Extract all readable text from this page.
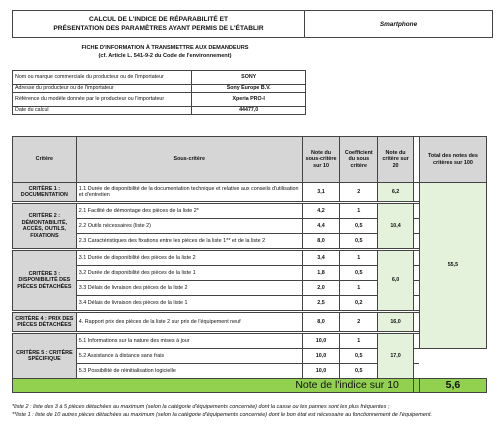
CALCUL DE L'INDICE DE RÉPARABILITÉ ET
PRÉSENTATION DES PARAMÈTRES AYANT PERMIS DE L'ÉTABLIR
Smartphone
FICHE D'INFORMATION À TRANSMETTRE AUX DEMANDEURS
(cf. Article L. 541-9-2 du Code de l'environnement)
Nom ou marque commerciale du producteur ou de l'importateur	SONY
Adresse du producteur ou de l'importateur	Sony Europe B.V.
Référence du modèle donnée par le producteur ou l'importateur	Xperia PRO-I
Date du calcul	44477,0
Critère	Sous-critère	Note du sous-critère sur 10	Coefficient du sous critère	Note du critère sur 20		Total des notes des critères sur 100	
CRITÈRE 1 : DOCUMENTATION	1.1 Durée de disponibilité de la documentation technique et relative aux conseils d'utilisation et d'entretien	3,1	2	6,2		55,5	

CRITÈRE 2 : DÉMONTABILITÉ, ACCÈS, OUTILS, FIXATIONS	2.1 Facilité de démontage des pièces de la liste 2*	4,2	1	10,4			
	2.2 Outils nécessaires (liste 2)	4,4	0,5				
	2.3 Caractéristiques des fixations entre les pièces de la liste 1** et de la liste 2	8,0	0,5				

CRITÈRE 3 : DISPONIBILITÉ DES PIÈCES DÉTACHÉES	3.1 Durée de disponibilité des pièces de la liste 2	3,4	1	6,0			
	3.2 Durée de disponibilité des pièces de la liste 1	1,8	0,5				
	3.3 Délais de livraison des pièces de la liste 2	2,0	1				
	3.4 Délais de livraison des pièces de la liste 1	2,5	0,2				

CRITÈRE 4 : PRIX DES PIÈCES DÉTACHÉES	4. Rapport prix des pièces de la liste 2 sur prix de l'équipement neuf	8,0	2	16,0			

CRITÈRE 5 : CRITÈRE SPÉCIFIQUE	5.1 Informations sur la nature des mises à jour	10,0	1	17,0			
	5.2 Assistance à distance sans frais	10,0	0,5				
	5.3 Possibilité de réinitialisation logicielle	10,0	0,5				
Note de l'indice sur 10						5,6	
*liste 2 : liste des 3 à 5 pièces détachées au maximum (selon la catégorie d'équipements concernée) dont la casse ou les pannes sont les plus fréquentes ;
**liste 1 : liste de 10 autres pièces détachées au maximum (selon la catégorie d'équipements concernée) dont le bon état est nécessaire au fonctionnement de l'équipement.
